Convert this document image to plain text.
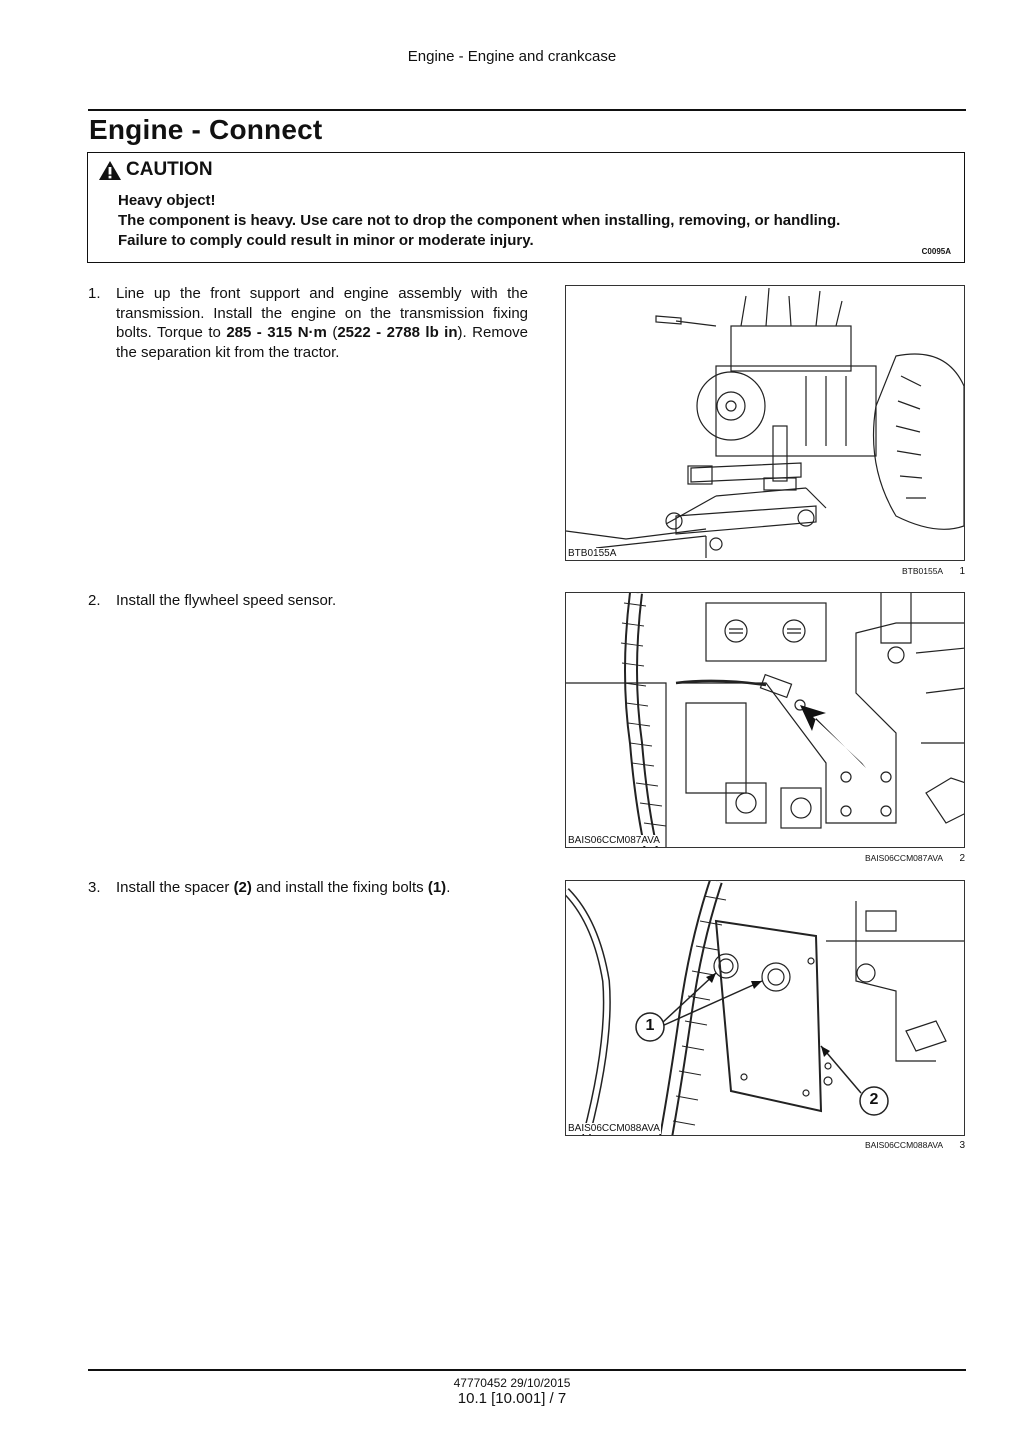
Engine - Engine and crankcase
Engine - Connect
CAUTION
Heavy object!
The component is heavy. Use care not to drop the component when installing, removing, or handling.
Failure to comply could result in minor or moderate injury.
C0095A
1. Line up the front support and engine assembly with the transmission. Install the engine on the transmission fixing bolts. Torque to 285 - 315 N·m (2522 - 2788 lb in). Remove the separation kit from the tractor.
BTB0155A
BTB0155A 1
2. Install the flywheel speed sensor.
BAIS06CCM087AVA
BAIS06CCM087AVA 2
3. Install the spacer (2) and install the fixing bolts (1).
1
2
BAIS06CCM088AVA
BAIS06CCM088AVA 3
47770452 29/10/2015
10.1 [10.001] / 7
